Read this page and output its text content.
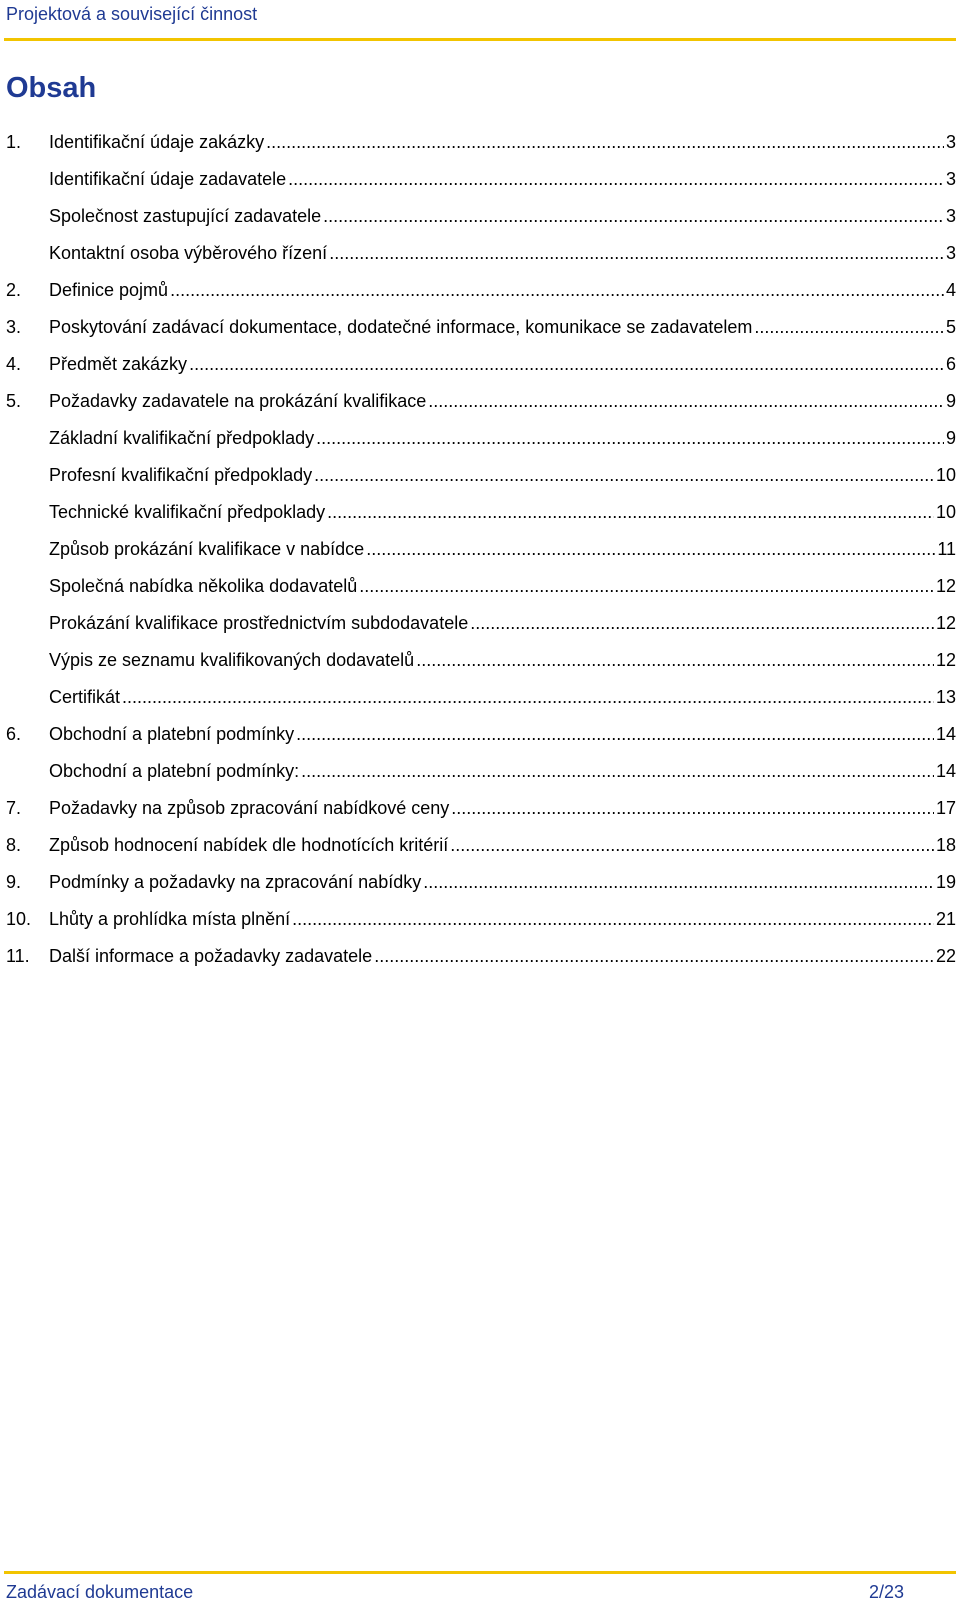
Projektová a související činnost
Obsah
1. Identifikační údaje zakázky .....	3
Identifikační údaje zadavatele .....	3
Společnost zastupující zadavatele .....	3
Kontaktní osoba výběrového řízení .....	3
2. Definice pojmů .....	4
3. Poskytování zadávací dokumentace, dodatečné informace, komunikace se zadavatelem .....	5
4. Předmět zakázky .....	6
5. Požadavky zadavatele na prokázání kvalifikace .....	9
Základní kvalifikační předpoklady .....	9
Profesní kvalifikační předpoklady .....	10
Technické kvalifikační předpoklady .....	10
Způsob prokázání kvalifikace v nabídce .....	11
Společná nabídka několika dodavatelů .....	12
Prokázání kvalifikace prostřednictvím subdodavatele .....	12
Výpis ze seznamu kvalifikovaných dodavatelů .....	12
Certifikát .....	13
6. Obchodní a platební podmínky .....	14
Obchodní a platební podmínky: .....	14
7. Požadavky na způsob zpracování nabídkové ceny .....	17
8. Způsob hodnocení nabídek dle hodnotících kritérií .....	18
9. Podmínky a požadavky na zpracování nabídky .....	19
10. Lhůty a prohlídka místa plnění .....	21
11. Další informace a požadavky zadavatele .....	22
Zadávací dokumentace	2/23
